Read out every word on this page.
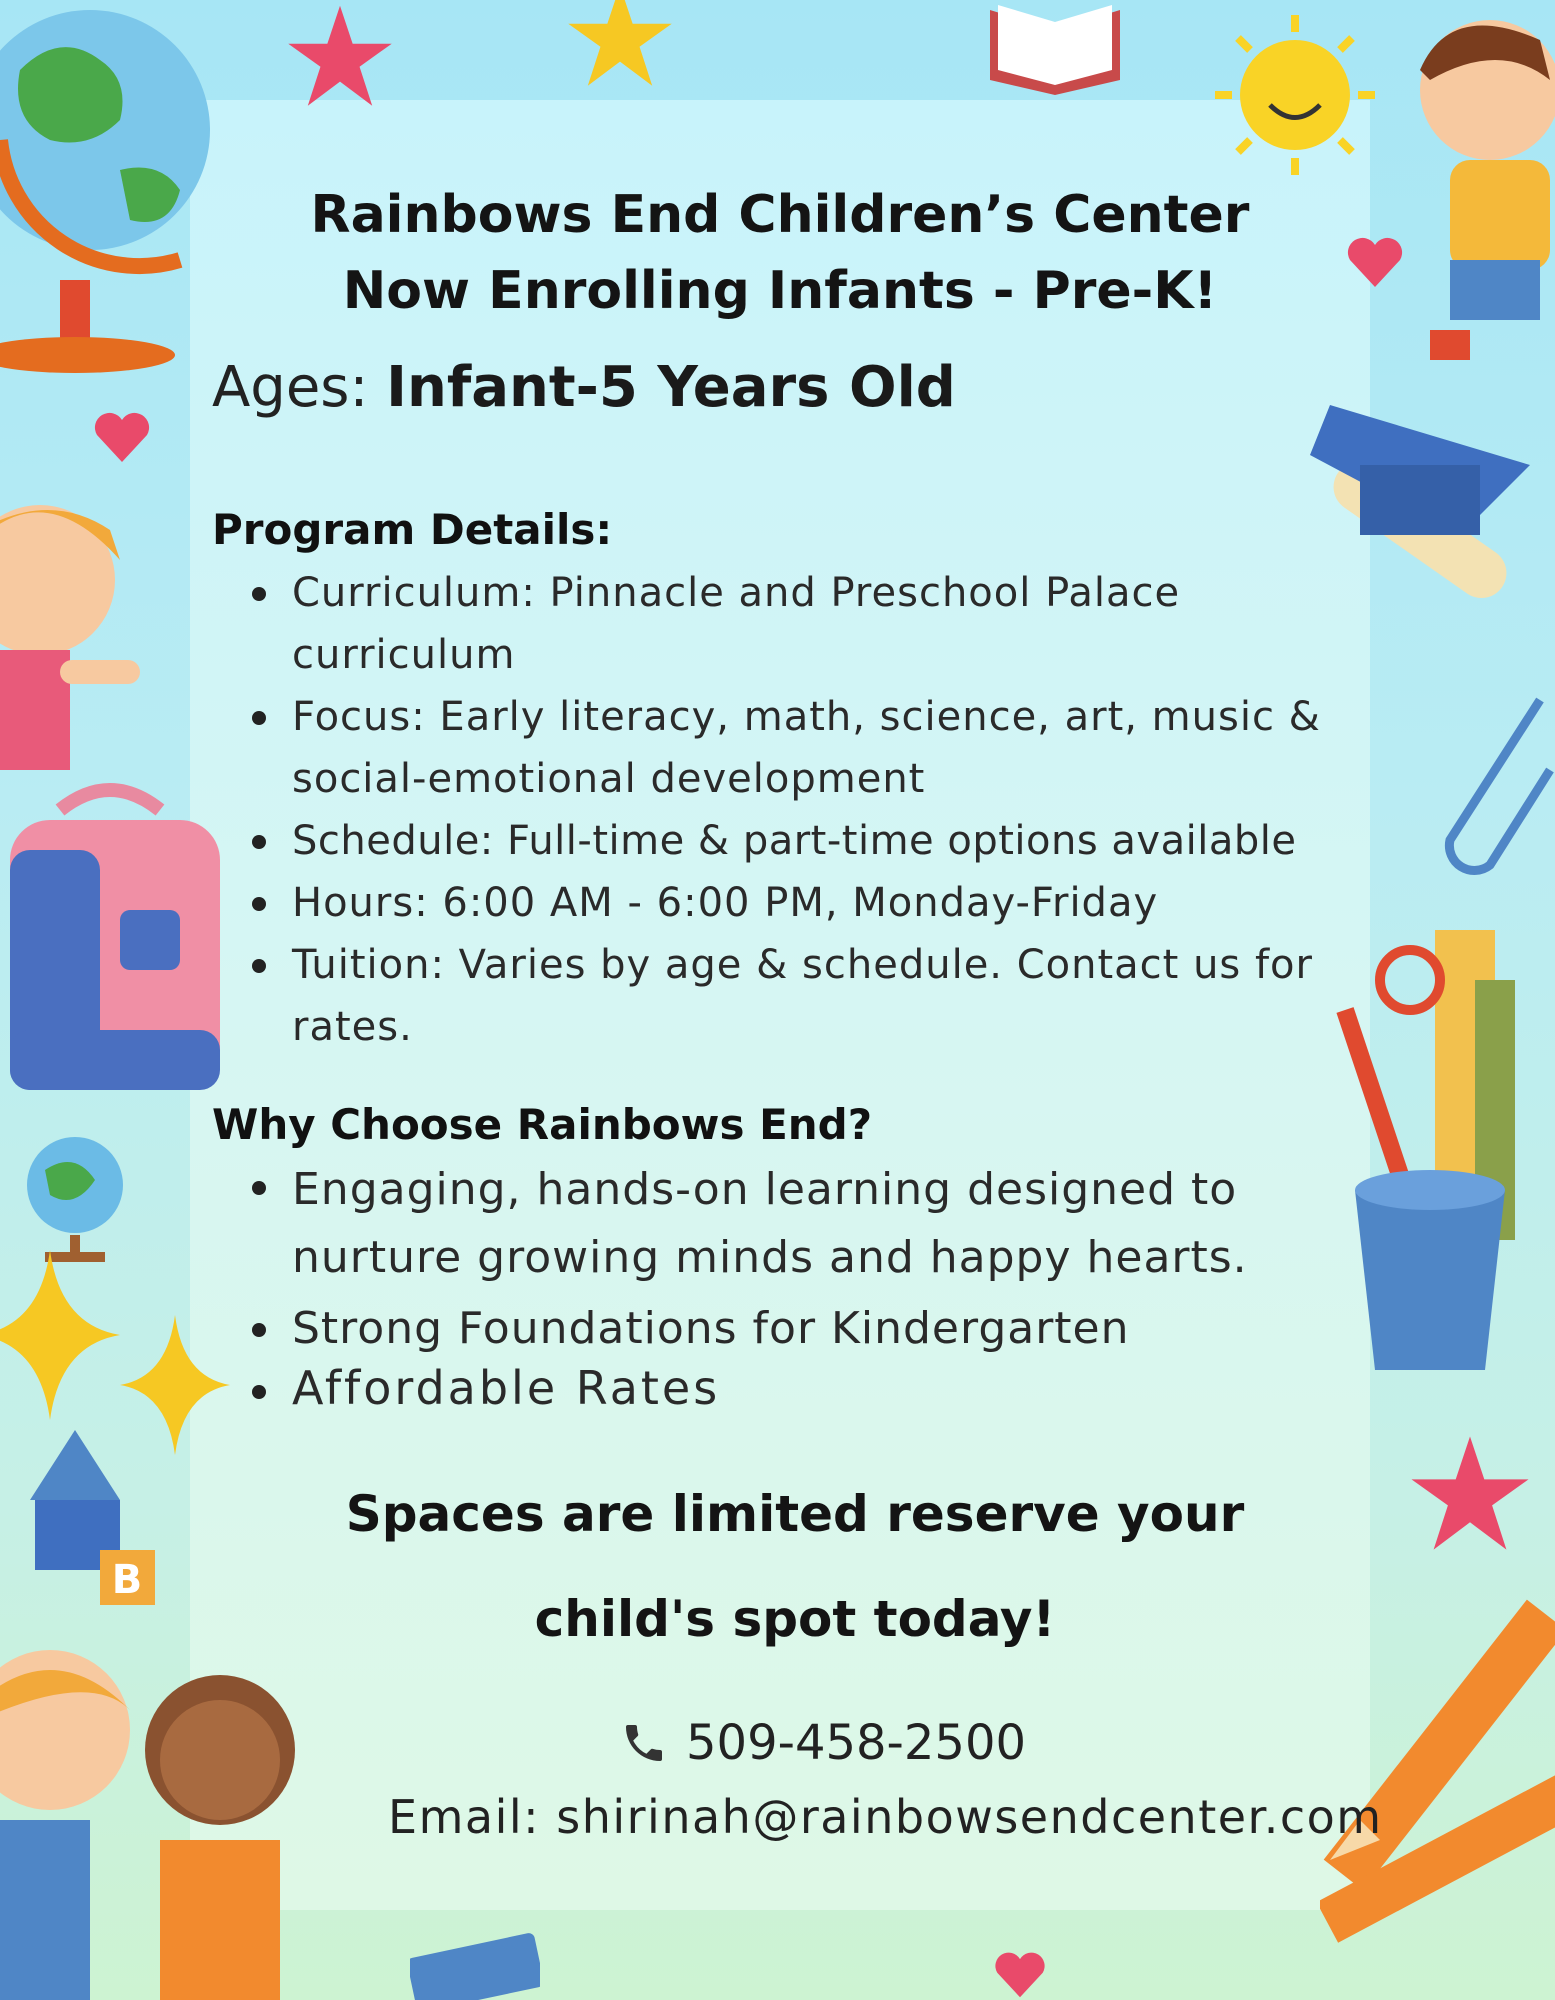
B
Rainbows End Children’s Center
Now Enrolling Infants - Pre-K!
Ages: Infant-5 Years Old
Program Details:
Curriculum: Pinnacle and Preschool Palace curriculum
Focus: Early literacy, math, science, art, music & social-emotional development
Schedule: Full-time & part-time options available
Hours: 6:00 AM - 6:00 PM, Monday-Friday
Tuition: Varies by age & schedule. Contact us for rates.
Why Choose Rainbows End?
Engaging, hands-on learning designed to nurture growing minds and happy hearts.
Strong Foundations for Kindergarten
Affordable Rates
Spaces are limited reserve your
child's spot today!
509-458-2500
Email: shirinah@rainbowsendcenter.com
